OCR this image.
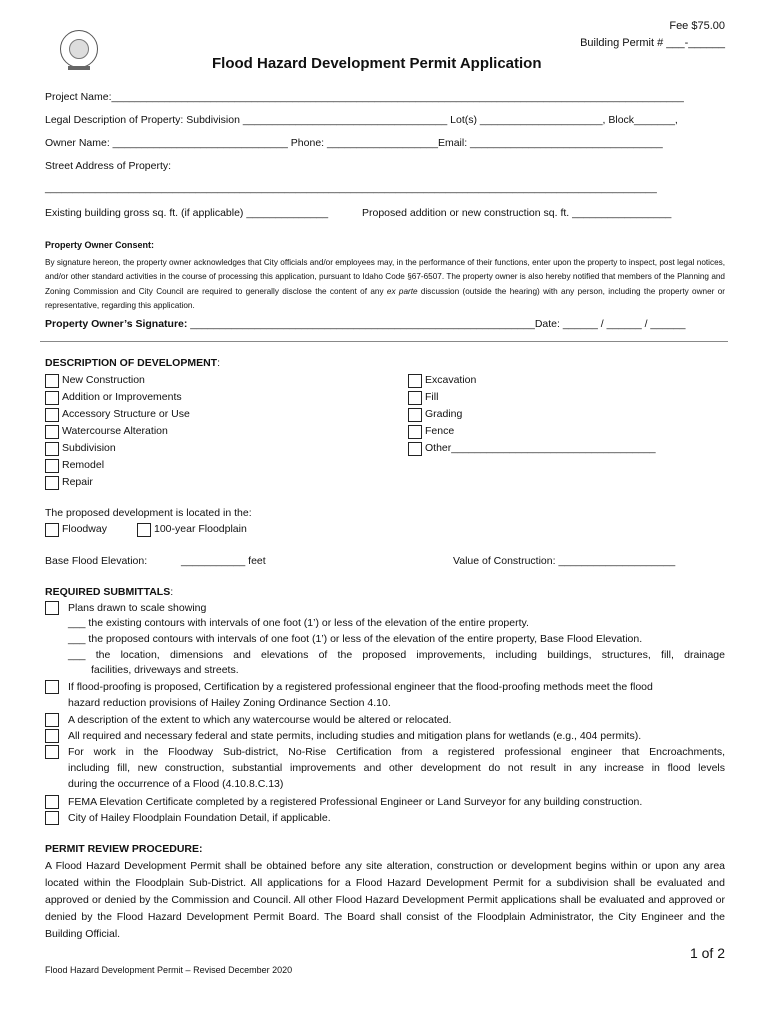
Fee $75.00
Building Permit # ___-______
Flood Hazard Development Permit Application
Project Name:__________________________________________________________________________________________________
Legal Description of Property: Subdivision ___________________________________ Lot(s) _____________________, Block_______,
Owner Name: ______________________________ Phone: ___________________Email: _________________________________
Street Address of Property:
______________________________________________________________________________________________________________
Existing building gross sq. ft. (if applicable) ______________	Proposed addition or new construction sq. ft. _________________
Property Owner Consent:
By signature hereon, the property owner acknowledges that City officials and/or employees may, in the performance of their functions, enter upon the property to inspect, post legal notices, and/or other standard activities in the course of processing this application, pursuant to Idaho Code §67-6507. The property owner is also hereby notified that members of the Planning and Zoning Commission and City Council are required to generally disclose the content of any ex parte discussion (outside the hearing) with any person, including the property owner or representative, regarding this application.
Property Owner’s Signature: ___________________________________________________________Date: ______ / ______ / ______
DESCRIPTION OF DEVELOPMENT:
New Construction
Addition or Improvements
Accessory Structure or Use
Watercourse Alteration
Subdivision
Remodel
Repair
Excavation
Fill
Grading
Fence
Other___________________________________
The proposed development is located in the:
Floodway	100-year Floodplain
Base Flood Elevation:	___________ feet	Value of Construction: ____________________
REQUIRED SUBMITTALS:
Plans drawn to scale showing
___ the existing contours with intervals of one foot (1’) or less of the elevation of the entire property.
___ the proposed contours with intervals of one foot (1’) or less of the elevation of the entire property, Base Flood Elevation.
___ the location, dimensions and elevations of the proposed improvements, including buildings, structures, fill, drainage
facilities, driveways and streets.
If flood-proofing is proposed, Certification by a registered professional engineer that the flood-proofing methods meet the flood
hazard reduction provisions of Hailey Zoning Ordinance Section 4.10.
A description of the extent to which any watercourse would be altered or relocated.
All required and necessary federal and state permits, including studies and mitigation plans for wetlands (e.g., 404 permits).
For work in the Floodway Sub-district, No-Rise Certification from a registered professional engineer that Encroachments,
including fill, new construction, substantial improvements and other development do not result in any increase in flood levels
during the occurrence of a Flood (4.10.8.C.13)
FEMA Elevation Certificate completed by a registered Professional Engineer or Land Surveyor for any building construction.
City of Hailey Floodplain Foundation Detail, if applicable.
PERMIT REVIEW PROCEDURE:
A Flood Hazard Development Permit shall be obtained before any site alteration, construction or development begins within or upon any area located within the Floodplain Sub-District. All applications for a Flood Hazard Development Permit for a subdivision shall be evaluated and approved or denied by the Commission and Council. All other Flood Hazard Development Permit applications shall be evaluated and approved or denied by the Flood Hazard Development Permit Board. The Board shall consist of the Floodplain Administrator, the City Engineer and the Building Official.
1 of 2
Flood Hazard Development Permit – Revised December 2020
